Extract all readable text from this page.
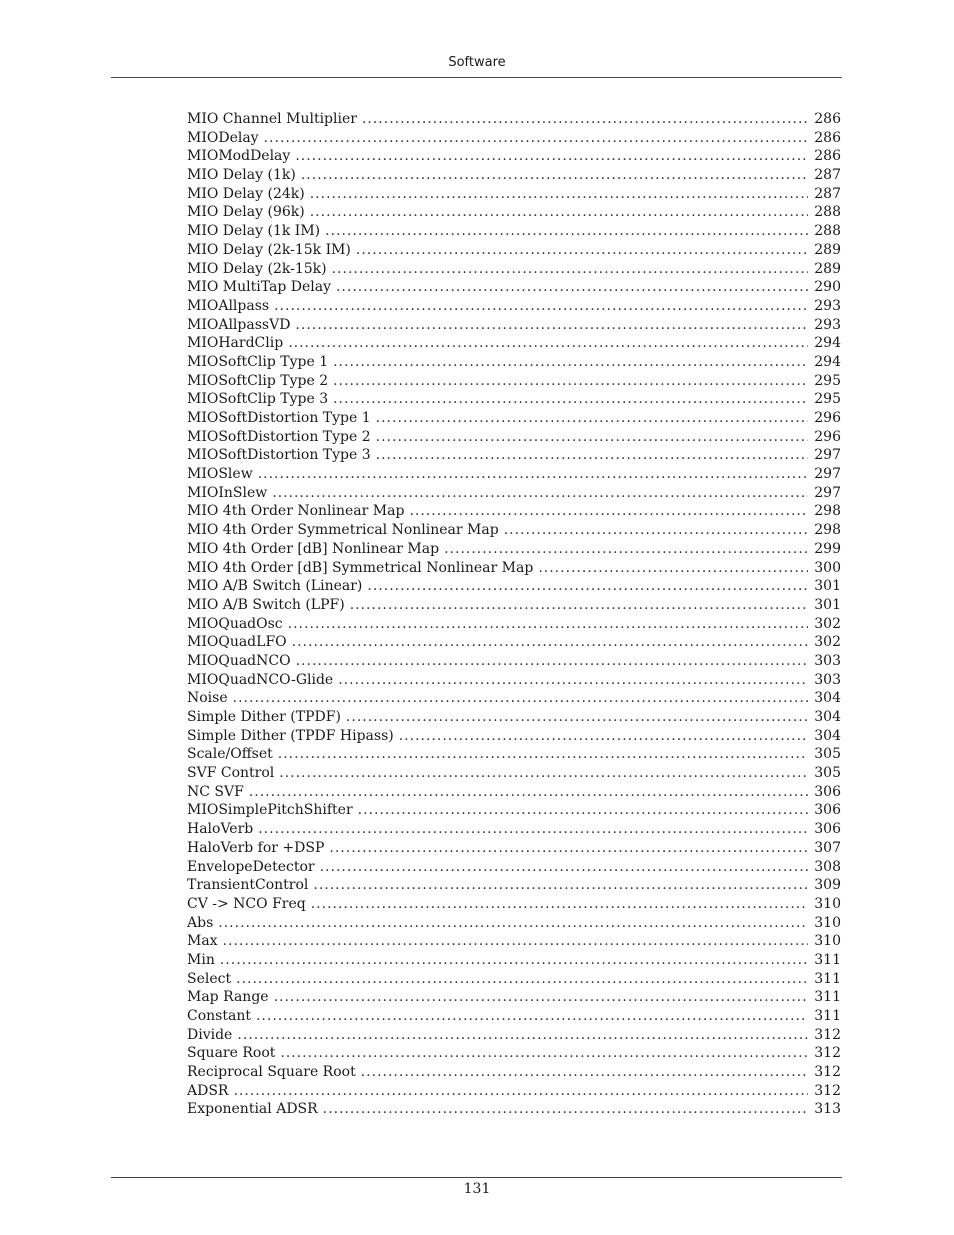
Software
MIO Channel Multiplier .....	286
MIODelay .....	286
MIOModDelay .....	286
MIO Delay (1k) .....	287
MIO Delay (24k) .....	287
MIO Delay (96k) .....	288
MIO Delay (1k IM) .....	288
MIO Delay (2k-15k IM) .....	289
MIO Delay (2k-15k) .....	289
MIO MultiTap Delay .....	290
MIOAllpass .....	293
MIOAllpassVD .....	293
MIOHardClip .....	294
MIOSoftClip Type 1 .....	294
MIOSoftClip Type 2 .....	295
MIOSoftClip Type 3 .....	295
MIOSoftDistortion Type 1 .....	296
MIOSoftDistortion Type 2 .....	296
MIOSoftDistortion Type 3 .....	297
MIOSlew .....	297
MIOInSlew .....	297
MIO 4th Order Nonlinear Map .....	298
MIO 4th Order Symmetrical Nonlinear Map .....	298
MIO 4th Order [dB] Nonlinear Map .....	299
MIO 4th Order [dB] Symmetrical Nonlinear Map .....	300
MIO A/B Switch (Linear) .....	301
MIO A/B Switch (LPF) .....	301
MIOQuadOsc .....	302
MIOQuadLFO .....	302
MIOQuadNCO .....	303
MIOQuadNCO-Glide .....	303
Noise .....	304
Simple Dither (TPDF) .....	304
Simple Dither (TPDF Hipass) .....	304
Scale/Offset .....	305
SVF Control .....	305
NC SVF .....	306
MIOSimplePitchShifter .....	306
HaloVerb .....	306
HaloVerb for +DSP .....	307
EnvelopeDetector .....	308
TransientControl .....	309
CV -> NCO Freq .....	310
Abs .....	310
Max .....	310
Min .....	311
Select .....	311
Map Range .....	311
Constant .....	311
Divide .....	312
Square Root .....	312
Reciprocal Square Root .....	312
ADSR .....	312
Exponential ADSR .....	313
131
